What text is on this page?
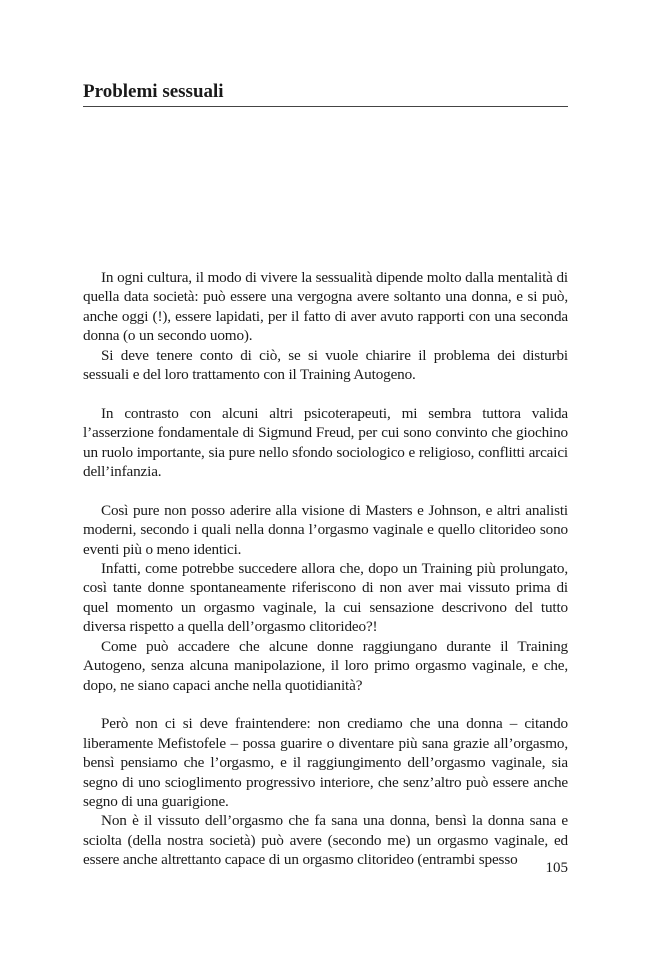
Problemi sessuali

In ogni cultura, il modo di vivere la sessualità dipende molto dalla mentalità di quella data società: può essere una vergogna avere soltanto una donna, e si può, anche oggi (!), essere lapidati, per il fatto di aver avuto rapporti con una seconda donna (o un secondo uomo).

Si deve tenere conto di ciò, se si vuole chiarire il problema dei disturbi sessuali e del loro trattamento con il Training Autogeno.

In contrasto con alcuni altri psicoterapeuti, mi sembra tuttora valida l’asserzione fondamentale di Sigmund Freud, per cui sono convinto che giochino un ruolo importante, sia pure nello sfondo sociologico e religioso, conflitti arcaici dell’infanzia.

Così pure non posso aderire alla visione di Masters e Johnson, e altri analisti moderni, secondo i quali nella donna l’orgasmo vaginale e quello clitorideo sono eventi più o meno identici.

Infatti, come potrebbe succedere allora che, dopo un Training più prolungato, così tante donne spontaneamente riferiscono di non aver mai vissuto prima di quel momento un orgasmo vaginale, la cui sensazione descrivono del tutto diversa rispetto a quella dell’orgasmo clitorideo?!

Come può accadere che alcune donne raggiungano durante il Training Autogeno, senza alcuna manipolazione, il loro primo orgasmo vaginale, e che, dopo, ne siano capaci anche nella quotidianità?

Però non ci si deve fraintendere: non crediamo che una donna – citando liberamente Mefistofele – possa guarire o diventare più sana grazie all’orgasmo, bensì pensiamo che l’orgasmo, e il raggiungimento dell’orgasmo vaginale, sia segno di uno scioglimento progressivo interiore, che senz’altro può essere anche segno di una guarigione.

Non è il vissuto dell’orgasmo che fa sana una donna, bensì la donna sana e sciolta (della nostra società) può avere (secondo me) un orgasmo vaginale, ed essere anche altrettanto capace di un orgasmo clitorideo (entrambi spesso	105
